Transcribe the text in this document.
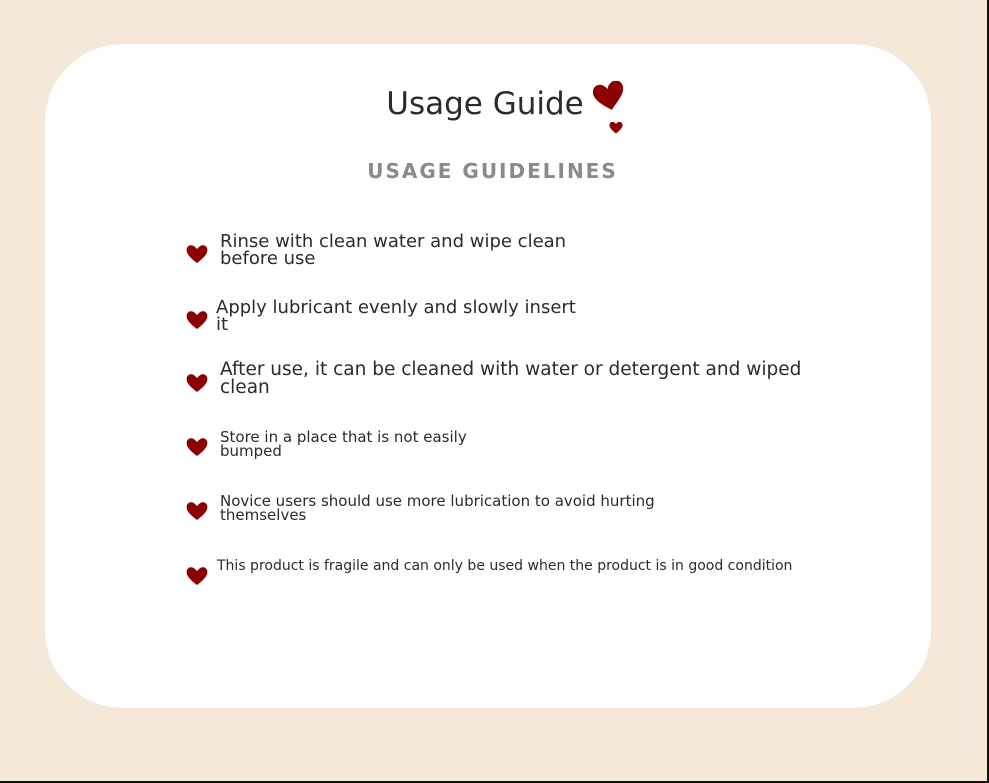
Usage Guide
USAGE GUIDELINES
Rinse with clean water and wipe clean
before use
Apply lubricant evenly and slowly insert
it
After use, it can be cleaned with water or detergent and wiped
clean
Store in a place that is not easily
bumped
Novice users should use more lubrication to avoid hurting
themselves
This product is fragile and can only be used when the product is in good condition
